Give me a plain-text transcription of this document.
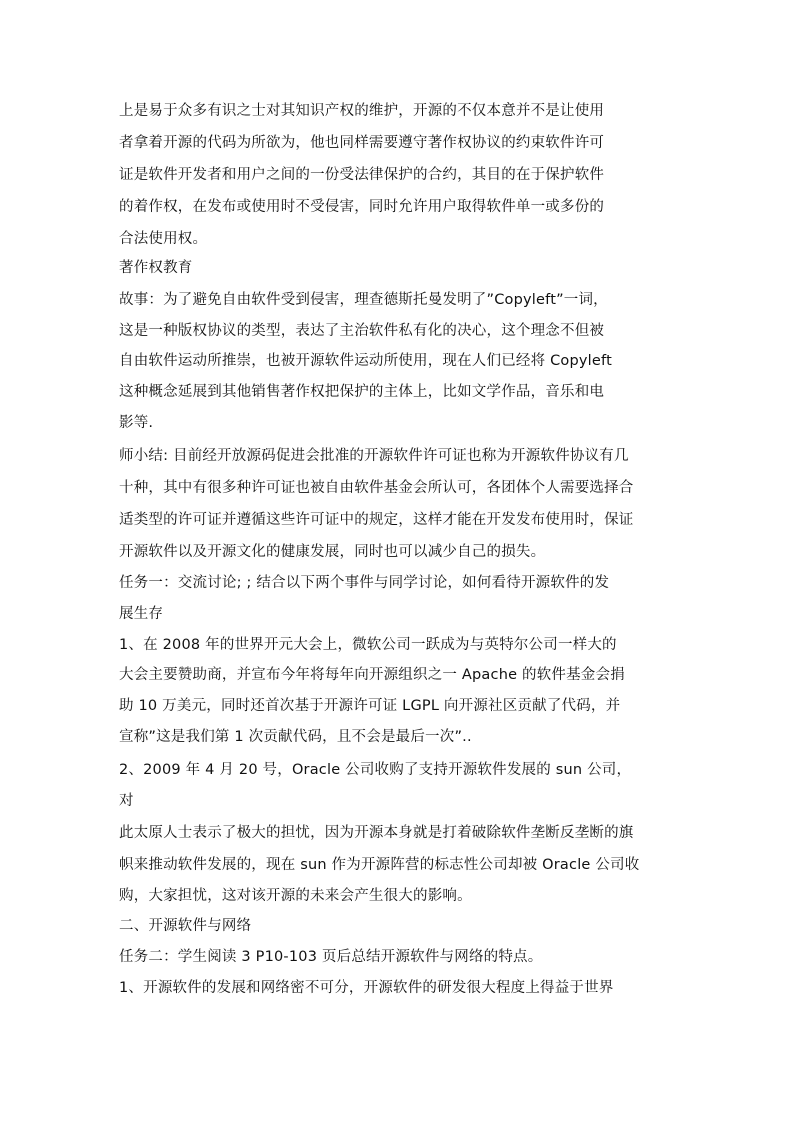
上是易于众多有识之士对其知识产权的维护，开源的不仅本意并不是让使用
者拿着开源的代码为所欲为，他也同样需要遵守著作权协议的约束软件许可
证是软件开发者和用户之间的一份受法律保护的合约，其目的在于保护软件
的着作权，在发布或使用时不受侵害，同时允许用户取得软件单一或多份的
合法使用权。
著作权教育
故事：为了避免自由软件受到侵害，理查德斯托曼发明了”Copyleft”一词，
这是一种版权协议的类型，表达了主治软件私有化的决心，这个理念不但被
自由软件运动所推崇，也被开源软件运动所使用，现在人们已经将 Copyleft
这种概念延展到其他销售著作权把保护的主体上，比如文学作品，音乐和电
影等.
师小结: 目前经开放源码促进会批准的开源软件许可证也称为开源软件协议有几
十种，其中有很多种许可证也被自由软件基金会所认可，各团体个人需要选择合
适类型的许可证并遵循这些许可证中的规定，这样才能在开发发布使用时，保证
开源软件以及开源文化的健康发展，同时也可以减少自己的损失。
任务一：交流讨论; ; 结合以下两个事件与同学讨论，如何看待开源软件的发
展生存
1、在 2008 年的世界开元大会上，微软公司一跃成为与英特尔公司一样大的
大会主要赞助商，并宣布今年将每年向开源组织之一 Apache 的软件基金会捐
助 10 万美元，同时还首次基于开源许可证 LGPL 向开源社区贡献了代码，并
宣称”这是我们第 1 次贡献代码，且不会是最后一次”..
2、2009 年 4 月 20 号，Oracle 公司收购了支持开源软件发展的 sun 公司，
对
此太原人士表示了极大的担忧，因为开源本身就是打着破除软件垄断反垄断的旗
帜来推动软件发展的，现在 sun 作为开源阵营的标志性公司却被 Oracle 公司收
购，大家担忧，这对该开源的未来会产生很大的影响。
二、开源软件与网络
任务二：学生阅读 3 P10-103 页后总结开源软件与网络的特点。
1、开源软件的发展和网络密不可分，开源软件的研发很大程度上得益于世界
